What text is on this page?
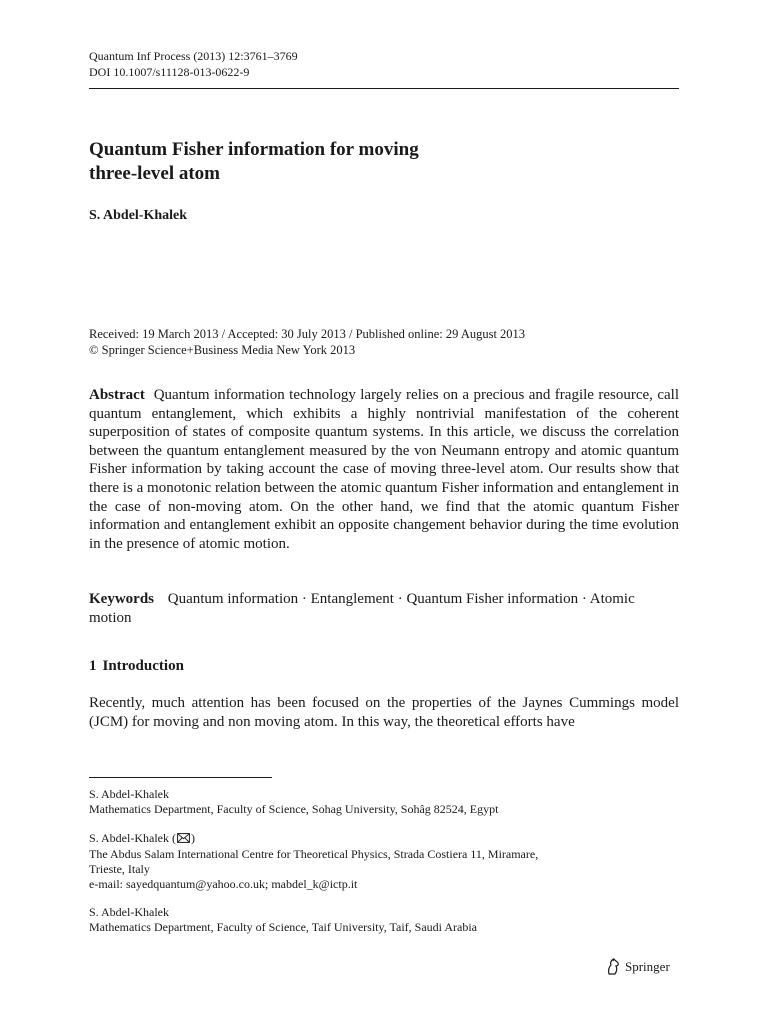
Quantum Inf Process (2013) 12:3761–3769
DOI 10.1007/s11128-013-0622-9
Quantum Fisher information for moving
three-level atom
S. Abdel-Khalek
Received: 19 March 2013 / Accepted: 30 July 2013 / Published online: 29 August 2013
© Springer Science+Business Media New York 2013
Abstract Quantum information technology largely relies on a precious and fragile resource, call quantum entanglement, which exhibits a highly nontrivial manifestation of the coherent superposition of states of composite quantum systems. In this article, we discuss the correlation between the quantum entanglement measured by the von Neumann entropy and atomic quantum Fisher information by taking account the case of moving three-level atom. Our results show that there is a monotonic relation between the atomic quantum Fisher information and entanglement in the case of non-moving atom. On the other hand, we find that the atomic quantum Fisher information and entanglement exhibit an opposite changement behavior during the time evolution in the presence of atomic motion.
Keywords Quantum information · Entanglement · Quantum Fisher information · Atomic motion
1 Introduction
Recently, much attention has been focused on the properties of the Jaynes Cummings model (JCM) for moving and non moving atom. In this way, the theoretical efforts have

S. Abdel-Khalek

Mathematics Department, Faculty of Science, Sohag University, Sohâg 82524, Egypt

S. Abdel-Khalek ( )

The Abdus Salam International Centre for Theoretical Physics, Strada Costiera 11, Miramare,

Trieste, Italy

e-mail: sayedquantum@yahoo.co.uk; mabdel_k@ictp.it

S. Abdel-Khalek

Mathematics Department, Faculty of Science, Taif University, Taif, Saudi Arabia

Springer
